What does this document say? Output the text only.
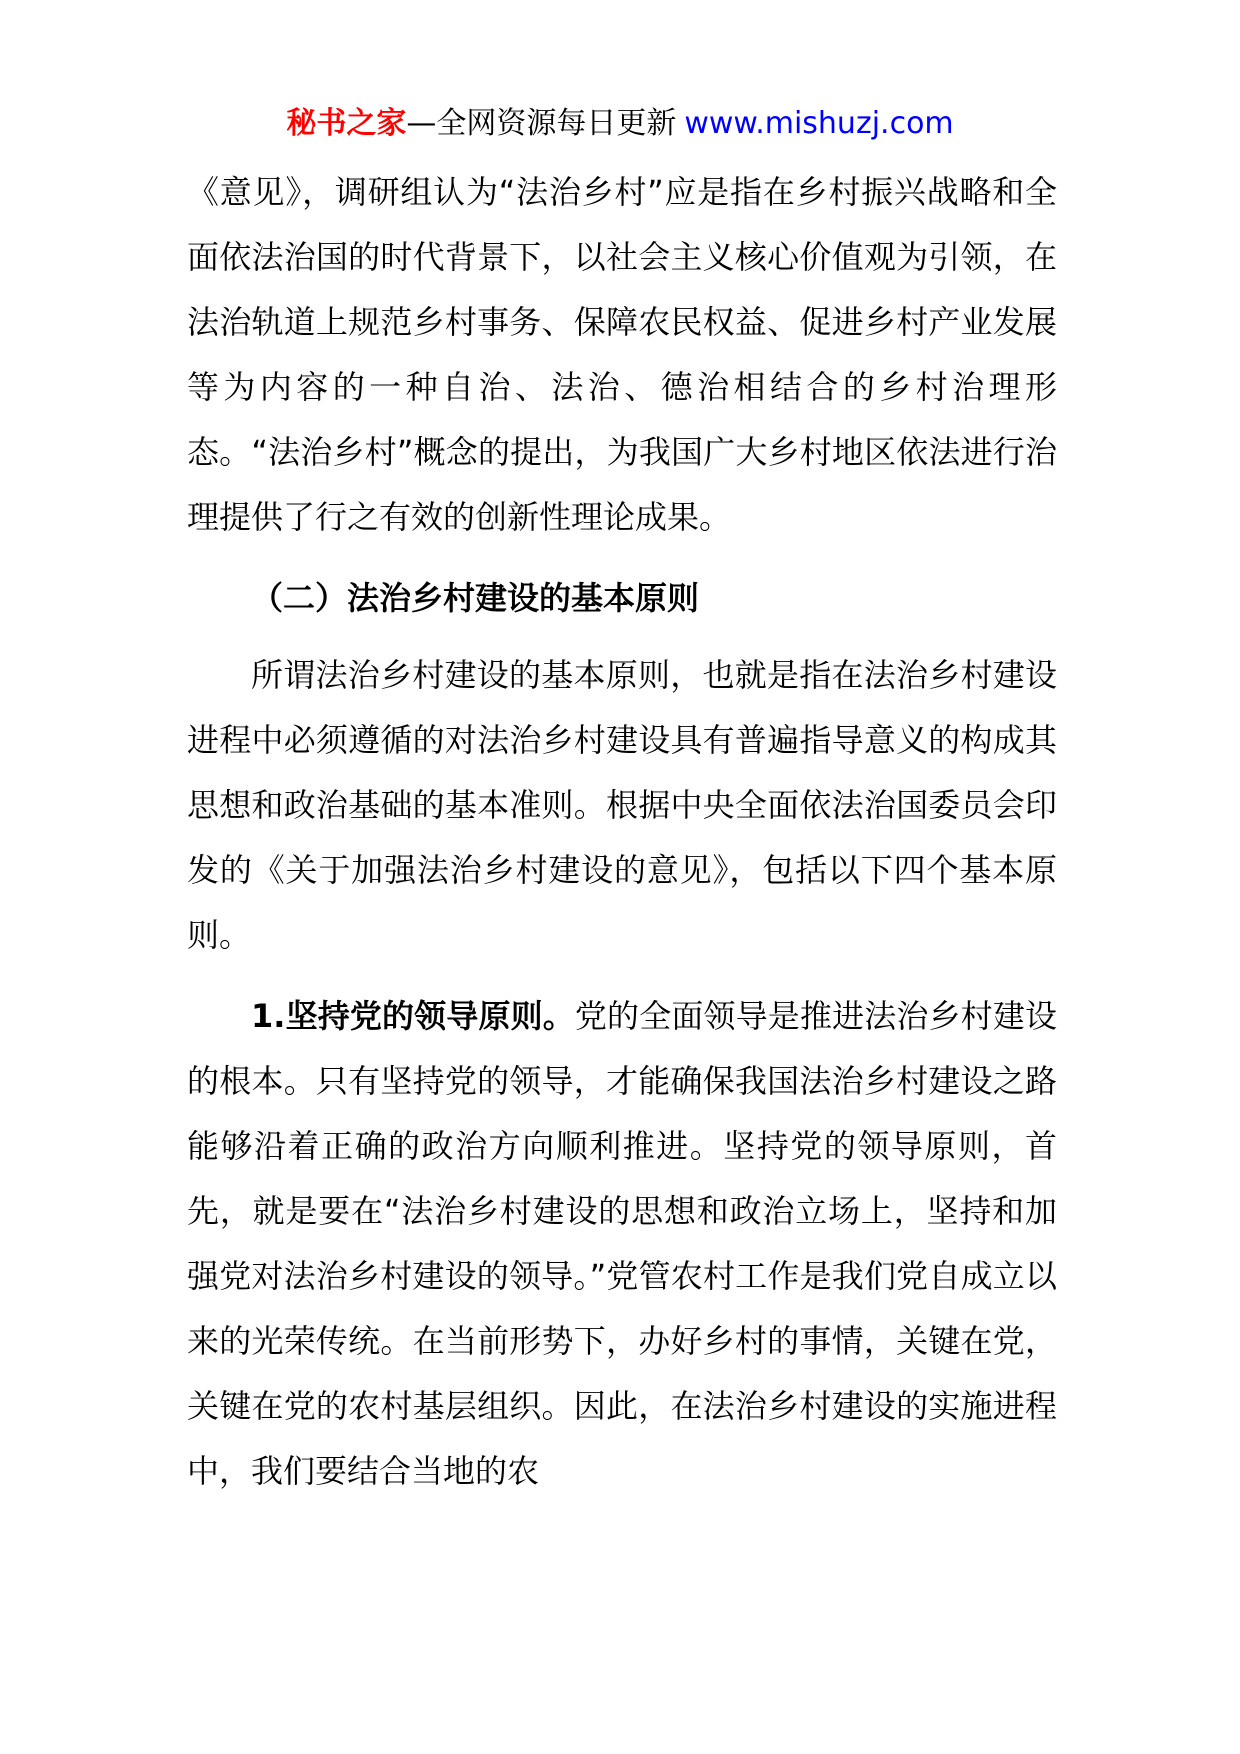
秘书之家—全网资源每日更新 www.mishuzj.com

《意见》，调研组认为“法治乡村”应是指在乡村振兴战略和全面依法治国的时代背景下，以社会主义核心价值观为引领，在法治轨道上规范乡村事务、保障农民权益、促进乡村产业发展等为内容的一种自治、法治、德治相结合的乡村治理形态。“法治乡村”概念的提出，为我国广大乡村地区依法进行治理提供了行之有效的创新性理论成果。

（二）法治乡村建设的基本原则

所谓法治乡村建设的基本原则，也就是指在法治乡村建设进程中必须遵循的对法治乡村建设具有普遍指导意义的构成其思想和政治基础的基本准则。根据中央全面依法治国委员会印发的《关于加强法治乡村建设的意见》，包括以下四个基本原则。

1.坚持党的领导原则。党的全面领导是推进法治乡村建设的根本。只有坚持党的领导，才能确保我国法治乡村建设之路能够沿着正确的政治方向顺利推进。坚持党的领导原则，首先，就是要在“法治乡村建设的思想和政治立场上，坚持和加强党对法治乡村建设的领导。”党管农村工作是我们党自成立以来的光荣传统。在当前形势下，办好乡村的事情，关键在党，关键在党的农村基层组织。因此，在法治乡村建设的实施进程中，我们要结合当地的农
